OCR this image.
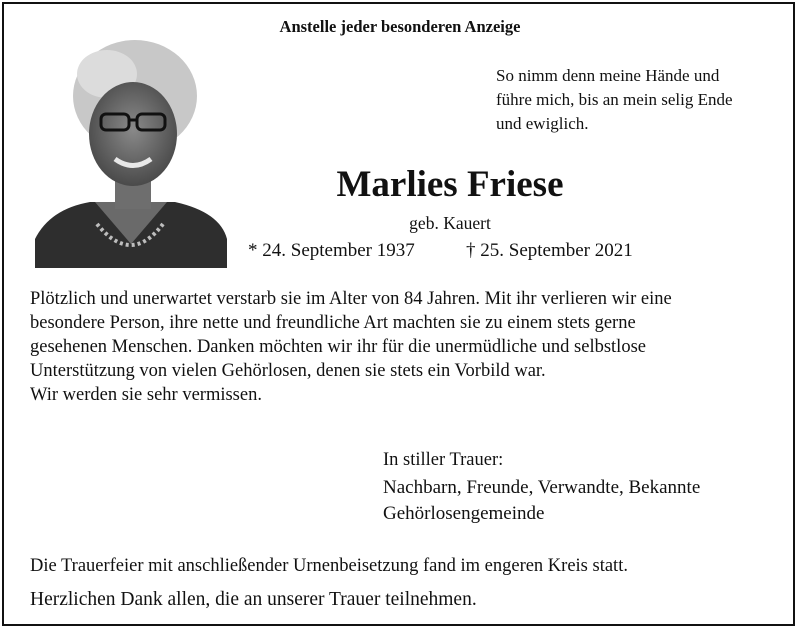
Anstelle jeder besonderen Anzeige
So nimm denn meine Hände und
führe mich, bis an mein selig Ende
und ewiglich.
Marlies Friese
geb. Kauert
* 24. September 1937	† 25. September 2021
Plötzlich und unerwartet verstarb sie im Alter von 84 Jahren. Mit ihr verlieren wir eine
besondere Person, ihre nette und freundliche Art machten sie zu einem stets gerne
gesehenen Menschen. Danken möchten wir ihr für die unermüdliche und selbstlose
Unterstützung von vielen Gehörlosen, denen sie stets ein Vorbild war.
Wir werden sie sehr vermissen.
In stiller Trauer:
Nachbarn, Freunde, Verwandte, Bekannte
Gehörlosengemeinde
Die Trauerfeier mit anschließender Urnenbeisetzung fand im engeren Kreis statt.
Herzlichen Dank allen, die an unserer Trauer teilnehmen.
